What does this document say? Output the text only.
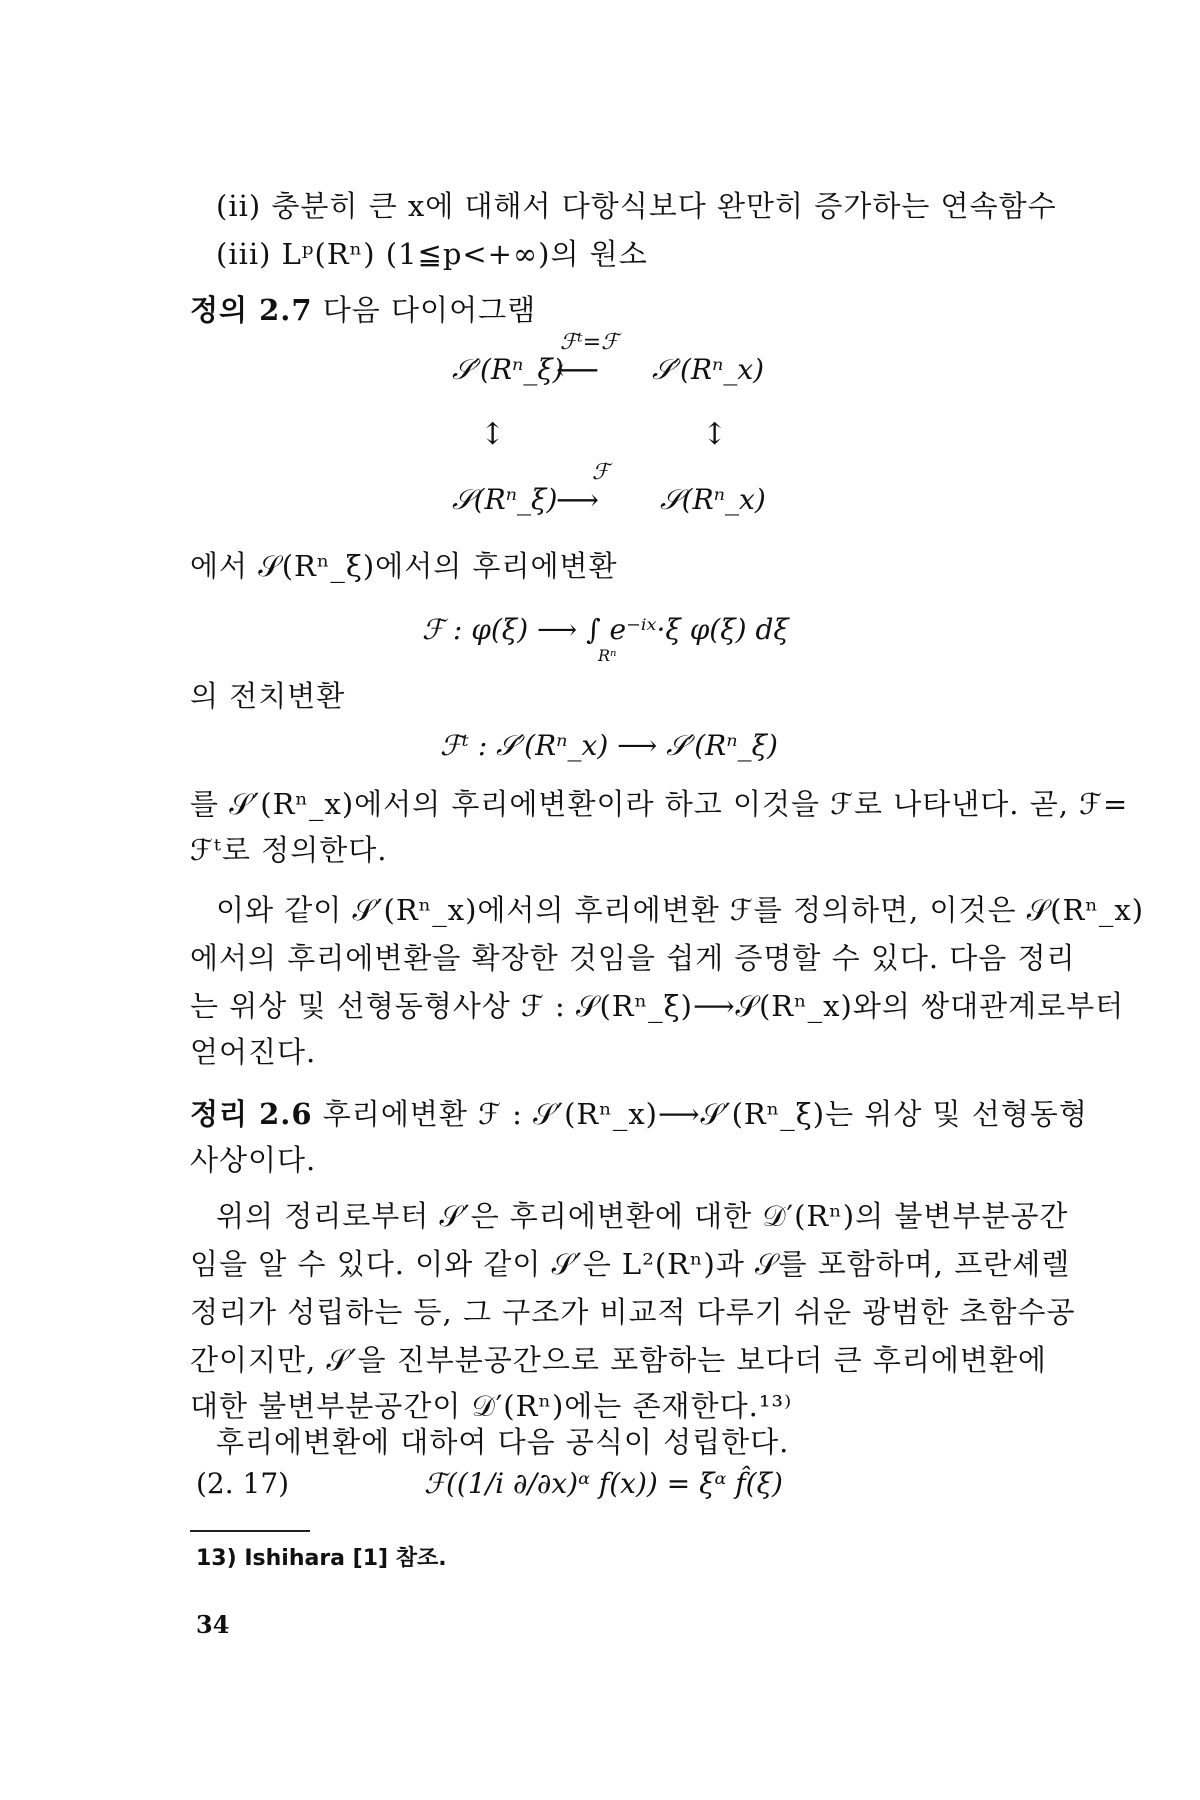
(ii) 충분히 큰 x에 대해서 다항식보다 완만히 증가하는 연속함수
(iii) Lᵖ(Rⁿ) (1≦p<+∞)의 원소
정의 2.7 다음 다이어그램
𝒮′(Rⁿ_ξ)
ℱᵗ=ℱ
⟵ 𝒮′(Rⁿ_x)
↕	↕
𝒮(Rⁿ_ξ)
ℱ
⟶ 𝒮(Rⁿ_x)
에서 𝒮(Rⁿ_ξ)에서의 후리에변환
ℱ : φ(ξ) ⟶ ∫ e⁻ⁱˣ·ξ φ(ξ) dξ
Rⁿ
의 전치변환
ℱᵗ : 𝒮′(Rⁿ_x) ⟶ 𝒮′(Rⁿ_ξ)
를 𝒮′(Rⁿ_x)에서의 후리에변환이라 하고 이것을 ℱ로 나타낸다. 곧, ℱ=
ℱᵗ로 정의한다.
이와 같이 𝒮′(Rⁿ_x)에서의 후리에변환 ℱ를 정의하면, 이것은 𝒮(Rⁿ_x)
에서의 후리에변환을 확장한 것임을 쉽게 증명할 수 있다. 다음 정리
는 위상 및 선형동형사상 ℱ : 𝒮(Rⁿ_ξ)⟶𝒮(Rⁿ_x)와의 쌍대관계로부터
얻어진다.
정리 2.6 후리에변환 ℱ : 𝒮′(Rⁿ_x)⟶𝒮′(Rⁿ_ξ)는 위상 및 선형동형
사상이다.
위의 정리로부터 𝒮′은 후리에변환에 대한 𝒟′(Rⁿ)의 불변부분공간
임을 알 수 있다. 이와 같이 𝒮′은 L²(Rⁿ)과 𝒮를 포함하며, 프란셰렐
정리가 성립하는 등, 그 구조가 비교적 다루기 쉬운 광범한 초함수공
간이지만, 𝒮′을 진부분공간으로 포함하는 보다더 큰 후리에변환에
대한 불변부분공간이 𝒟′(Rⁿ)에는 존재한다.¹³⁾
후리에변환에 대하여 다음 공식이 성립한다.
(2. 17)	ℱ((1/i ∂/∂x)ᵅ f(x)) = ξᵅ f̂(ξ)
13) Ishihara [1] 참조.
34
